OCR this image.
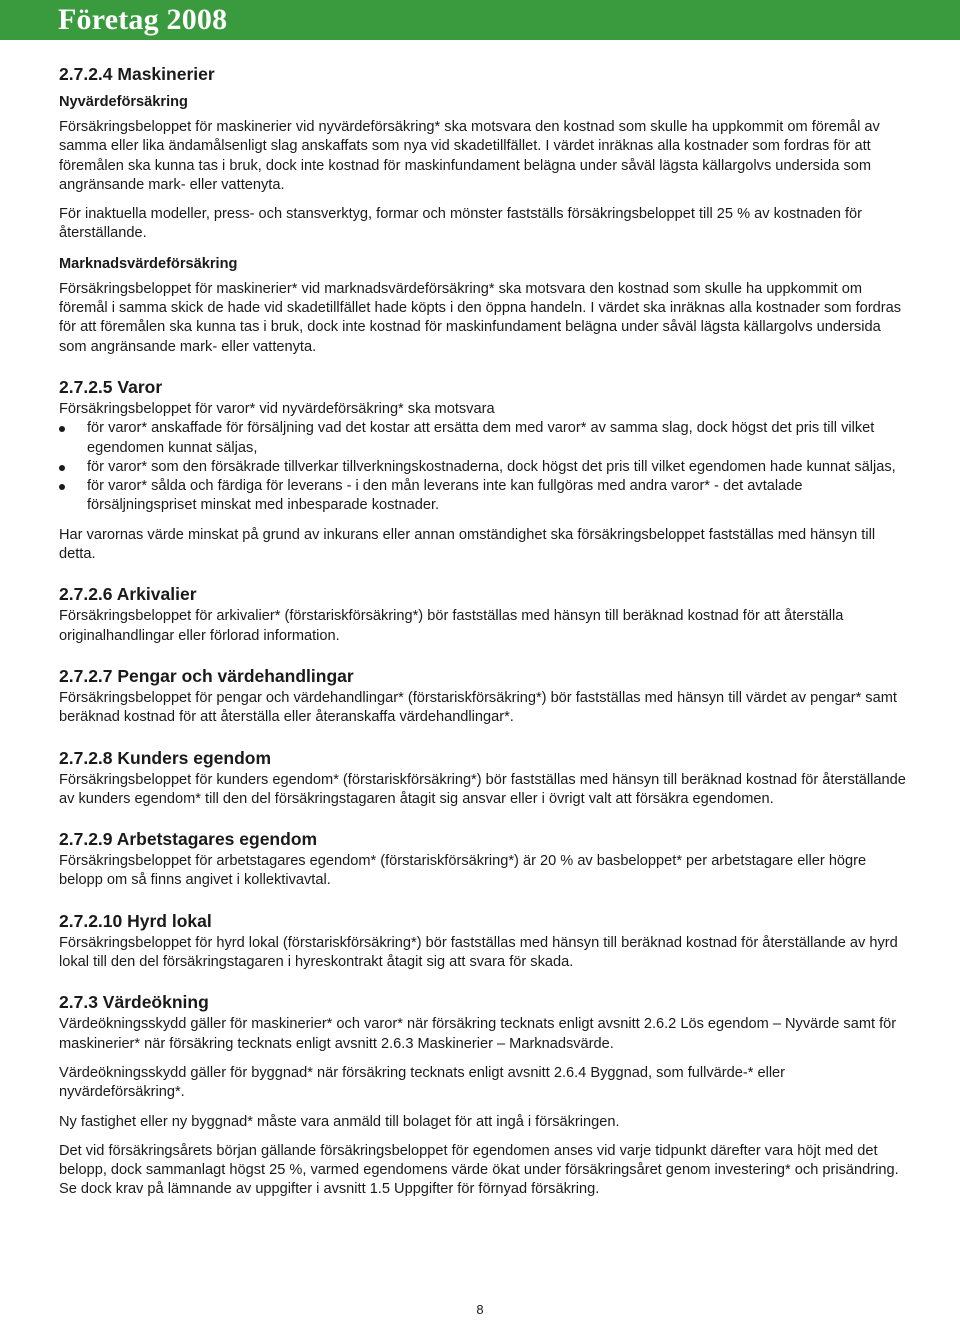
Företag 2008
2.7.2.4 Maskinerier
Nyvärdeförsäkring

Försäkringsbeloppet för maskinerier vid nyvärdeförsäkring* ska motsvara den kostnad som skulle ha uppkommit om föremål av samma eller lika ändamålsenligt slag anskaffats som nya vid skadetillfället. I värdet inräknas alla kostnader som fordras för att föremålen ska kunna tas i bruk, dock inte kostnad för maskinfundament belägna under såväl lägsta källargolvs undersida som angränsande mark- eller vattenyta.

För inaktuella modeller, press- och stansverktyg, formar och mönster fastställs försäkringsbeloppet till 25 % av kostnaden för återställande.

Marknadsvärdeförsäkring

Försäkringsbeloppet för maskinerier* vid marknadsvärdeförsäkring* ska motsvara den kostnad som skulle ha uppkommit om föremål i samma skick de hade vid skadetillfället hade köpts i den öppna handeln. I värdet ska inräknas alla kostnader som fordras för att föremålen ska kunna tas i bruk, dock inte kostnad för maskinfundament belägna under såväl lägsta källargolvs undersida som angränsande mark- eller vattenyta.

2.7.2.5 Varor

Försäkringsbeloppet för varor* vid nyvärdeförsäkring* ska motsvara

för varor* anskaffade för försäljning vad det kostar att ersätta dem med varor* av samma slag, dock högst det pris till vilket egendomen kunnat säljas,
för varor* som den försäkrade tillverkar tillverkningskostnaderna, dock högst det pris till vilket egendomen hade kunnat säljas,
för varor* sålda och färdiga för leverans - i den mån leverans inte kan fullgöras med andra varor* - det avtalade försäljningspriset minskat med inbesparade kostnader.

Har varornas värde minskat på grund av inkurans eller annan omständighet ska försäkringsbeloppet fastställas med hänsyn till detta.

2.7.2.6 Arkivalier

Försäkringsbeloppet för arkivalier* (förstariskförsäkring*) bör fastställas med hänsyn till beräknad kostnad för att återställa originalhandlingar eller förlorad information.

2.7.2.7 Pengar och värdehandlingar

Försäkringsbeloppet för pengar och värdehandlingar* (förstariskförsäkring*) bör fastställas med hänsyn till värdet av pengar* samt beräknad kostnad för att återställa eller återanskaffa värdehandlingar*.

2.7.2.8 Kunders egendom

Försäkringsbeloppet för kunders egendom* (förstariskförsäkring*) bör fastställas med hänsyn till beräknad kostnad för återställande av kunders egendom* till den del försäkringstagaren åtagit sig ansvar eller i övrigt valt att försäkra egendomen.

2.7.2.9 Arbetstagares egendom

Försäkringsbeloppet för arbetstagares egendom* (förstariskförsäkring*) är 20 % av basbeloppet* per arbetstagare eller högre belopp om så finns angivet i kollektivavtal.

2.7.2.10 Hyrd lokal

Försäkringsbeloppet för hyrd lokal (förstariskförsäkring*) bör fastställas med hänsyn till beräknad kostnad för återställande av hyrd lokal till den del försäkringstagaren i hyreskontrakt åtagit sig att svara för skada.

2.7.3 Värdeökning

Värdeökningsskydd gäller för maskinerier* och varor* när försäkring tecknats enligt avsnitt 2.6.2 Lös egendom – Nyvärde samt för maskinerier* när försäkring tecknats enligt avsnitt 2.6.3 Maskinerier – Marknadsvärde.

Värdeökningsskydd gäller för byggnad* när försäkring tecknats enligt avsnitt 2.6.4 Byggnad, som fullvärde-* eller nyvärdeförsäkring*.

Ny fastighet eller ny byggnad* måste vara anmäld till bolaget för att ingå i försäkringen.

Det vid försäkringsårets början gällande försäkringsbeloppet för egendomen anses vid varje tidpunkt därefter vara höjt med det belopp, dock sammanlagt högst 25 %, varmed egendomens värde ökat under försäkringsåret genom investering* och prisändring. Se dock krav på lämnande av uppgifter i avsnitt 1.5 Uppgifter för förnyad försäkring.

8
